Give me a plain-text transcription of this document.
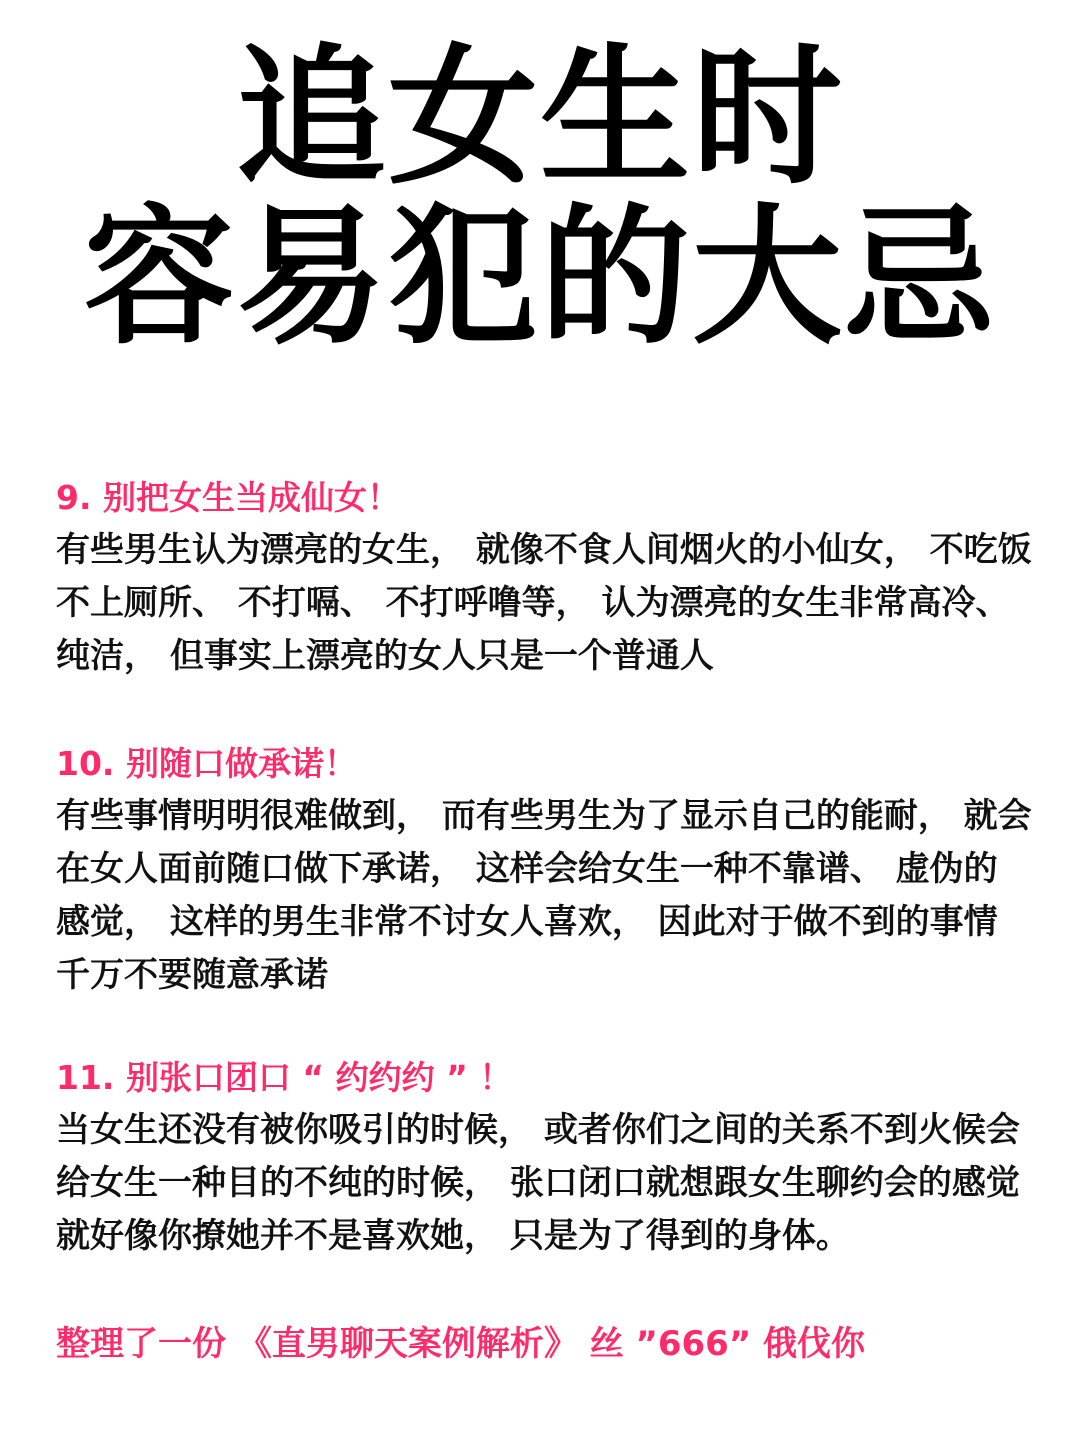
追女生时
容易犯的大忌
9. 别把女生当成仙女！
有些男生认为漂亮的女生， 就像不食人间烟火的小仙女， 不吃饭
不上厕所、 不打嗝、 不打呼噜等， 认为漂亮的女生非常高冷、
纯洁， 但事实上漂亮的女人只是一个普通人
10. 别随口做承诺！
有些事情明明很难做到， 而有些男生为了显示自己的能耐， 就会
在女人面前随口做下承诺， 这样会给女生一种不靠谱、 虚伪的
感觉， 这样的男生非常不讨女人喜欢， 因此对于做不到的事情
千万不要随意承诺
11. 别张口团口 “ 约约约 ” ！
当女生还没有被你吸引的时候， 或者你们之间的关系不到火候会
给女生一种目的不纯的时候， 张口闭口就想跟女生聊约会的感觉
就好像你撩她并不是喜欢她， 只是为了得到的身体。
整理了一份 《直男聊天案例解析》 丝 ”666” 俄伐你
